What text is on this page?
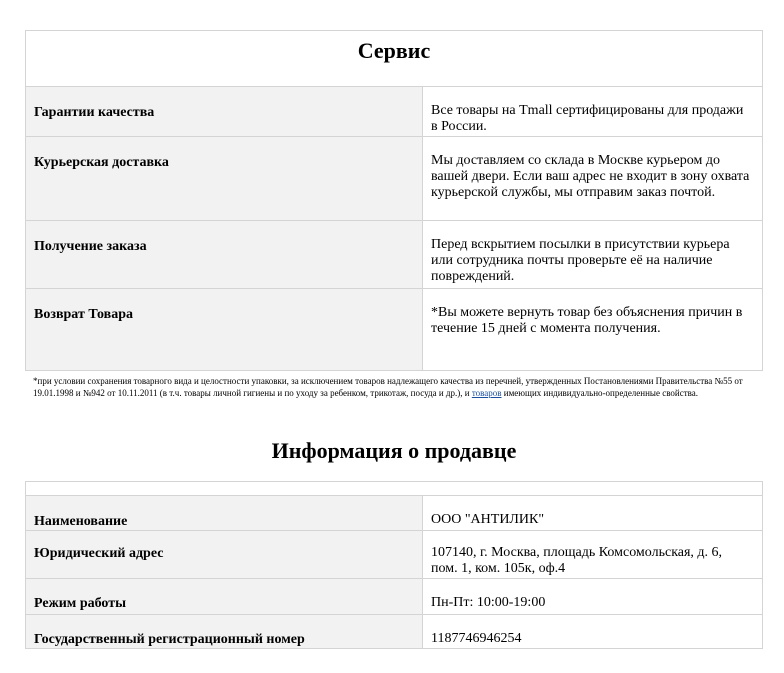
Сервис
Гарантии качества	Все товары на Tmall сертифицированы для продажи в России.
Курьерская доставка	Мы доставляем со склада в Москве курьером до вашей двери. Если ваш адрес не входит в зону охвата курьерской службы, мы отправим заказ почтой.
Получение заказа	Перед вскрытием посылки в присутствии курьера или сотрудника почты проверьте её на наличие повреждений.
Возврат Товара	*Вы можете вернуть товар без объяснения причин в течение 15 дней с момента получения.
*при условии сохранения товарного вида и целостности упаковки, за исключением товаров надлежащего качества из перечней, утвержденных Постановлениями Правительства №55 от 19.01.1998 и №942 от 10.11.2011 (в т.ч. товары личной гигиены и по уходу за ребенком, трикотаж, посуда и др.), и товаров имеющих индивидуально-определенные свойства.
Информация о продавце
Наименование	ООО "АНТИЛИК"
Юридический адрес	107140, г. Москва, площадь Комсомольская, д. 6, пом. 1, ком. 105к, оф.4
Режим работы	Пн-Пт: 10:00-19:00
Государственный регистрационный номер	1187746946254
